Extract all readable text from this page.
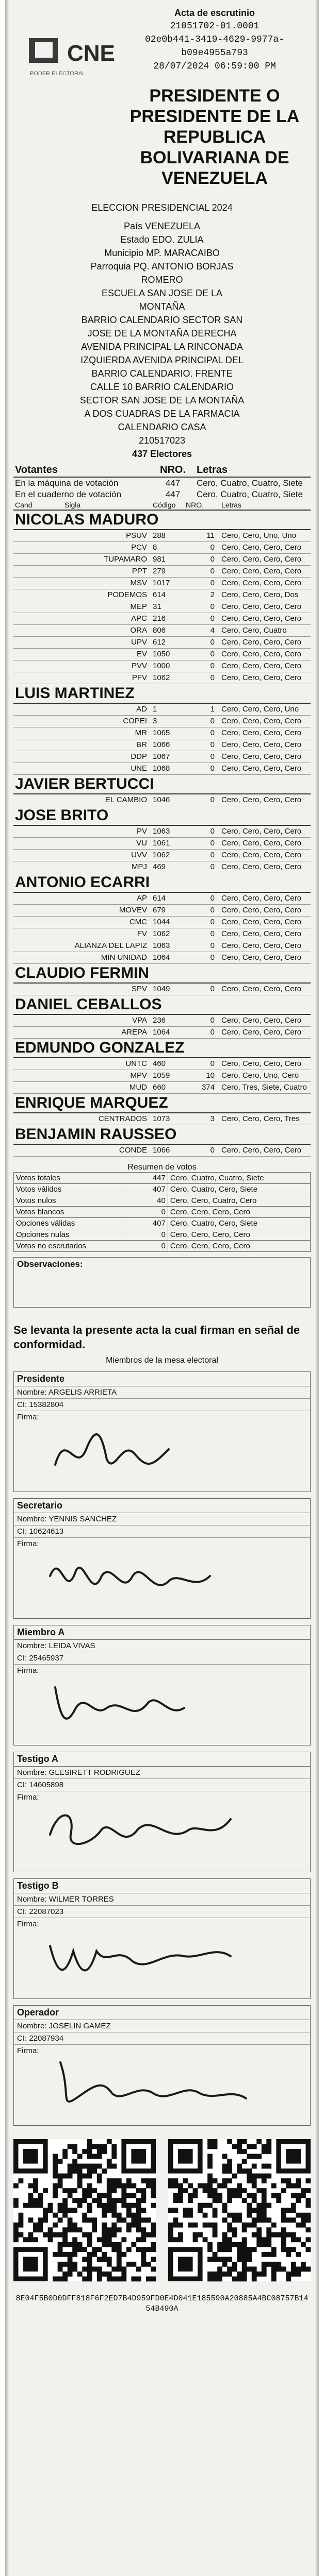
CNE
PODER ELECTORAL
Acta de escrutinio
21051702-01.0001
02e0b441-3419-4629-9977a-
b09e4955a793
28/07/2024 06:59:00 PM
PRESIDENTE O
PRESIDENTE DE LA
REPUBLICA
BOLIVARIANA DE
VENEZUELA
ELECCION PRESIDENCIAL 2024
País VENEZUELA
Estado EDO. ZULIA
Municipio MP. MARACAIBO
Parroquia PQ. ANTONIO BORJAS
ROMERO
ESCUELA SAN JOSE DE LA
MONTAÑA
BARRIO CALENDARIO SECTOR SAN
JOSE DE LA MONTAÑA DERECHA
AVENIDA PRINCIPAL LA RINCONADA
IZQUIERDA AVENIDA PRINCIPAL DEL
BARRIO CALENDARIO. FRENTE
CALLE 10 BARRIO CALENDARIO
SECTOR SAN JOSE DE LA MONTAÑA
A DOS CUADRAS DE LA FARMACIA
CALENDARIO CASA
210517023
437 Electores
Votantes	NRO.	Letras
En la máquina de votación	447	Cero, Cuatro, Cuatro, Siete
En el cuaderno de votación	447	Cero, Cuatro, Cuatro, Siete
Cand	Sigla	Código	NRO.	Letras
NICOLAS MADURO				
	PSUV	288	11	Cero, Cero, Uno, Uno
	PCV	8	0	Cero, Cero, Cero, Cero
	TUPAMARO	981	0	Cero, Cero, Cero, Cero
	PPT	279	0	Cero, Cero, Cero, Cero
	MSV	1017	0	Cero, Cero, Cero, Cero
	PODEMOS	614	2	Cero, Cero, Cero, Dos
	MEP	31	0	Cero, Cero, Cero, Cero
	APC	216	0	Cero, Cero, Cero, Cero
	ORA	806	4	Cero, Cero, Cuatro
	UPV	612	0	Cero, Cero, Cero, Cero
	EV	1050	0	Cero, Cero, Cero, Cero
	PVV	1000	0	Cero, Cero, Cero, Cero
	PFV	1062	0	Cero, Cero, Cero, Cero
LUIS MARTINEZ				
	AD	1	1	Cero, Cero, Cero, Uno
	COPEI	3	0	Cero, Cero, Cero, Cero
	MR	1065	0	Cero, Cero, Cero, Cero
	BR	1066	0	Cero, Cero, Cero, Cero
	DDP	1067	0	Cero, Cero, Cero, Cero
	UNE	1068	0	Cero, Cero, Cero, Cero
JAVIER BERTUCCI				
	EL CAMBIO	1046	0	Cero, Cero, Cero, Cero
JOSE BRITO				
	PV	1063	0	Cero, Cero, Cero, Cero
	VU	1061	0	Cero, Cero, Cero, Cero
	UVV	1062	0	Cero, Cero, Cero, Cero
	MPJ	469	0	Cero, Cero, Cero, Cero
ANTONIO ECARRI				
	AP	614	0	Cero, Cero, Cero, Cero
	MOVEV	679	0	Cero, Cero, Cero, Cero
	CMC	1044	0	Cero, Cero, Cero, Cero
	FV	1062	0	Cero, Cero, Cero, Cero
	ALIANZA DEL LAPIZ	1063	0	Cero, Cero, Cero, Cero
	MIN UNIDAD	1064	0	Cero, Cero, Cero, Cero
CLAUDIO FERMIN				
	SPV	1049	0	Cero, Cero, Cero, Cero
DANIEL CEBALLOS				
	VPA	236	0	Cero, Cero, Cero, Cero
	AREPA	1064	0	Cero, Cero, Cero, Cero
EDMUNDO GONZALEZ				
	UNTC	460	0	Cero, Cero, Cero, Cero
	MPV	1059	10	Cero, Cero, Uno, Cero
	MUD	660	374	Cero, Tres, Siete, Cuatro
ENRIQUE MARQUEZ				
	CENTRADOS	1073	3	Cero, Cero, Cero, Tres
BENJAMIN RAUSSEO				
	CONDE	1066	0	Cero, Cero, Cero, Cero
Resumen de votos
Votos totales	447	Cero, Cuatro, Cuatro, Siete
Votos válidos	407	Cero, Cuatro, Cero, Siete
Votos nulos	40	Cero, Cero, Cuatro, Cero
Votos blancos	0	Cero, Cero, Cero, Cero
Opciones válidas	407	Cero, Cuatro, Cero, Siete
Opciones nulas	0	Cero, Cero, Cero, Cero
Votos no escrutados	0	Cero, Cero, Cero, Cero
Observaciones:
Se levanta la presente acta la cual firman en señal de conformidad.
Miembros de la mesa electoral
Presidente
Nombre: ARGELIS ARRIETA
CI: 15382804
Firma:
Secretario
Nombre: YENNIS SANCHEZ
CI: 10624613
Firma:
Miembro A
Nombre: LEIDA VIVAS
CI: 25465937
Firma:
Testigo A
Nombre: GLESIRETT RODRIGUEZ
CI: 14605898
Firma:
Testigo B
Nombre: WILMER TORRES
CI: 22087023
Firma:
Operador
Nombre: JOSELIN GAMEZ
CI: 22087934
Firma:
8E04F5B0D0DFF818F6F2ED7B4D959FD0E4D041E185590A20885A4BC08757B1454B490A
